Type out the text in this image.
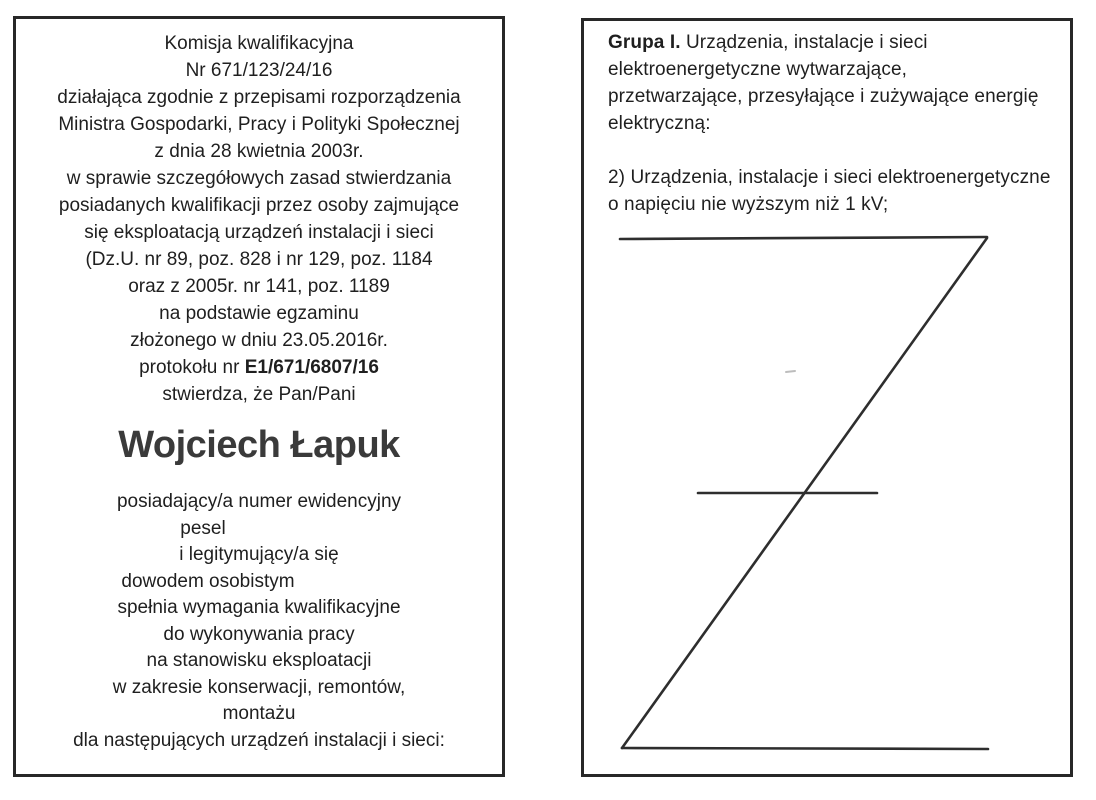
Komisja kwalifikacyjna
Nr 671/123/24/16
działająca zgodnie z przepisami rozporządzenia
Ministra Gospodarki, Pracy i Polityki Społecznej
z dnia 28 kwietnia 2003r.
w sprawie szczegółowych zasad stwierdzania
posiadanych kwalifikacji przez osoby zajmujące
się eksploatacją urządzeń instalacji i sieci
(Dz.U. nr 89, poz. 828 i nr 129, poz. 1184
oraz z 2005r. nr 141, poz. 1189
na podstawie egzaminu
złożonego w dniu 23.05.2016r.
protokołu nr E1/671/6807/16
stwierdza, że Pan/Pani
Wojciech Łapuk
posiadający/a numer ewidencyjny
pesel
i legitymujący/a się
dowodem osobistym
spełnia wymagania kwalifikacyjne
do wykonywania pracy
na stanowisku eksploatacji
w zakresie konserwacji, remontów,
montażu
dla następujących urządzeń instalacji i sieci:
Grupa I. Urządzenia, instalacje i sieci
elektroenergetyczne wytwarzające,
przetwarzające, przesyłające i zużywające energię
elektryczną:
2) Urządzenia, instalacje i sieci elektroenergetyczne
o napięciu nie wyższym niż 1 kV;
